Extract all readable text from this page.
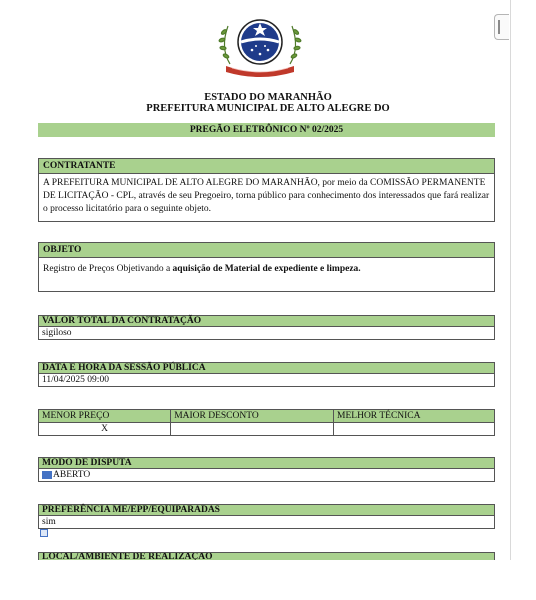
ESTADO DO MARANHÃO
PREFEITURA MUNICIPAL DE ALTO ALEGRE DO
PREGÃO ELETRÔNICO Nº 02/2025
CONTRATANTE
A PREFEITURA MUNICIPAL DE ALTO ALEGRE DO MARANHÃO, por meio da COMISSÃO PERMANENTE DE LICITAÇÃO - CPL, através de seu Pregoeiro, torna público para conhecimento dos interessados que fará realizar o processo licitatório para o seguinte objeto.
OBJETO
Registro de Preços Objetivando a aquisição de Material de expediente e limpeza.
VALOR TOTAL DA CONTRATAÇÃO
sigiloso
DATA E HORA DA SESSÃO PÚBLICA
11/04/2025 09:00
MENOR PREÇO	MAIOR DESCONTO	MELHOR TÉCNICA
X		
MODO DE DISPUTA
ABERTO
PREFERÊNCIA ME/EPP/EQUIPARADAS
sim
LOCAL/AMBIENTE DE REALIZAÇÃO
